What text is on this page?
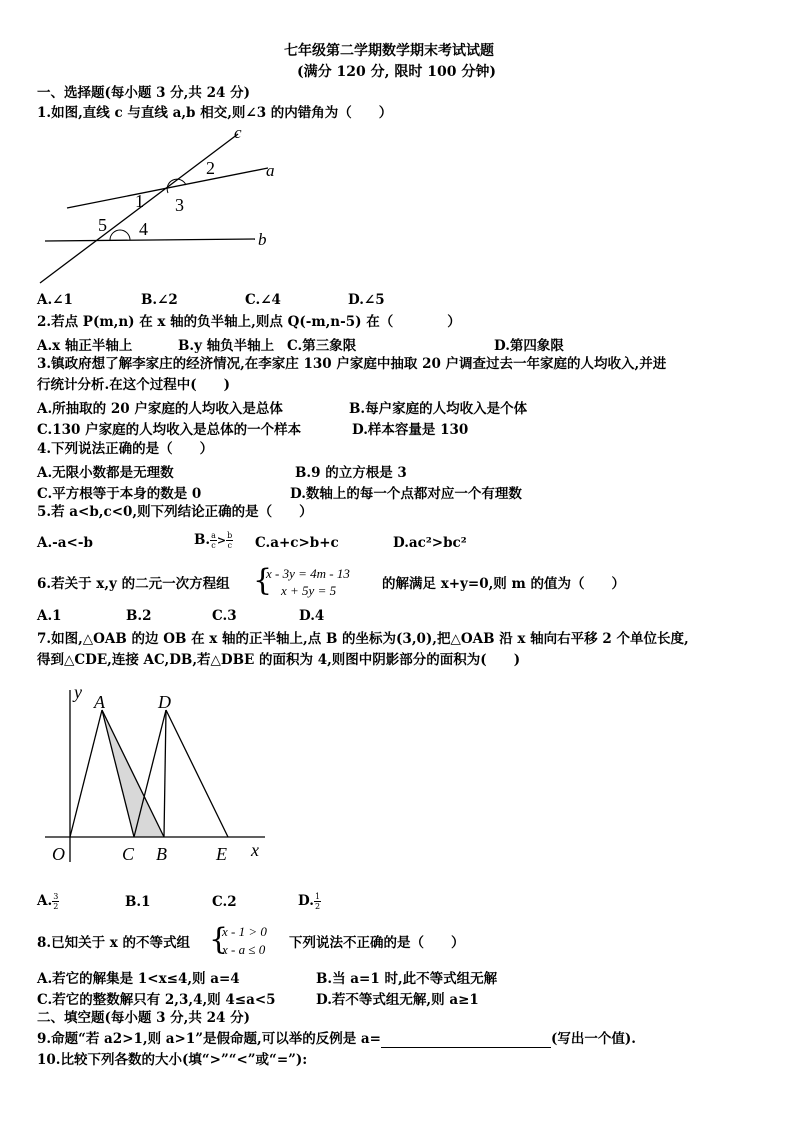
七年级第二学期数学期末考试试题
(满分 120 分, 限时 100 分钟)
一、选择题(每小题 3 分,共 24 分)
1.如图,直线 c 与直线 a,b 相交,则∠3 的内错角为（　　）
c
a
b
2
1 3
5 4
A.∠1	B.∠2	C.∠4	D.∠5
2.若点 P(m,n) 在 x 轴的负半轴上,则点 Q(-m,n-5) 在（　　　　）
A.x 轴正半轴上	B.y 轴负半轴上 C.第三象限	D.第四象限
3.镇政府想了解李家庄的经济情况,在李家庄 130 户家庭中抽取 20 户调查过去一年家庭的人均收入,并进
行统计分析.在这个过程中(　　)
A.所抽取的 20 户家庭的人均收入是总体	B.每户家庭的人均收入是个体
C.130 户家庭的人均收入是总体的一个样本	D.样本容量是 130
4.下列说法正确的是（　　）
A.无限小数都是无理数	B.9 的立方根是 3
C.平方根等于本身的数是 0	D.数轴上的每一个点都对应一个有理数
5.若 a<b,c<0,则下列结论正确的是（　　）
A.-a<-b	B. $\frac{a}{c} > \frac{b}{c} C.a+c>b+c$	D.ac²>bc²
6.若关于 x,y 的二元一次方程组 {
x - 3y = 4m - 13
x + 5y = 5	的解满足 x+y=0,则 m 的值为（　　）
A.1	B.2	C.3	D.4
7.如图,△OAB 的边 OB 在 x 轴的正半轴上,点 B 的坐标为(3,0),把△OAB 沿 x 轴向右平移 2 个单位长度,
得到△CDE,连接 AC,DB,若△DBE 的面积为 4,则图中阴影部分的面积为(　　)
y A	D
O	C B	E x
A. $\frac{3}{2}$	B.1	C.2	D. $\frac{1}{2}$
8.已知关于 x 的不等式组 {
x - 1 > 0
x - a ≤ 0 下列说法不正确的是（　　）
A.若它的解集是 1<x≤4,则 a=4	B.当 a=1 时,此不等式组无解
C.若它的整数解只有 2,3,4,则 4≤a<5	D.若不等式组无解,则 a≥1
二、填空题(每小题 3 分,共 24 分)
9.命题“若 a2>1,则 a>1”是假命题,可以举的反例是 a=	(写出一个值).
10.比较下列各数的大小(填“>”“<”或“=”):
